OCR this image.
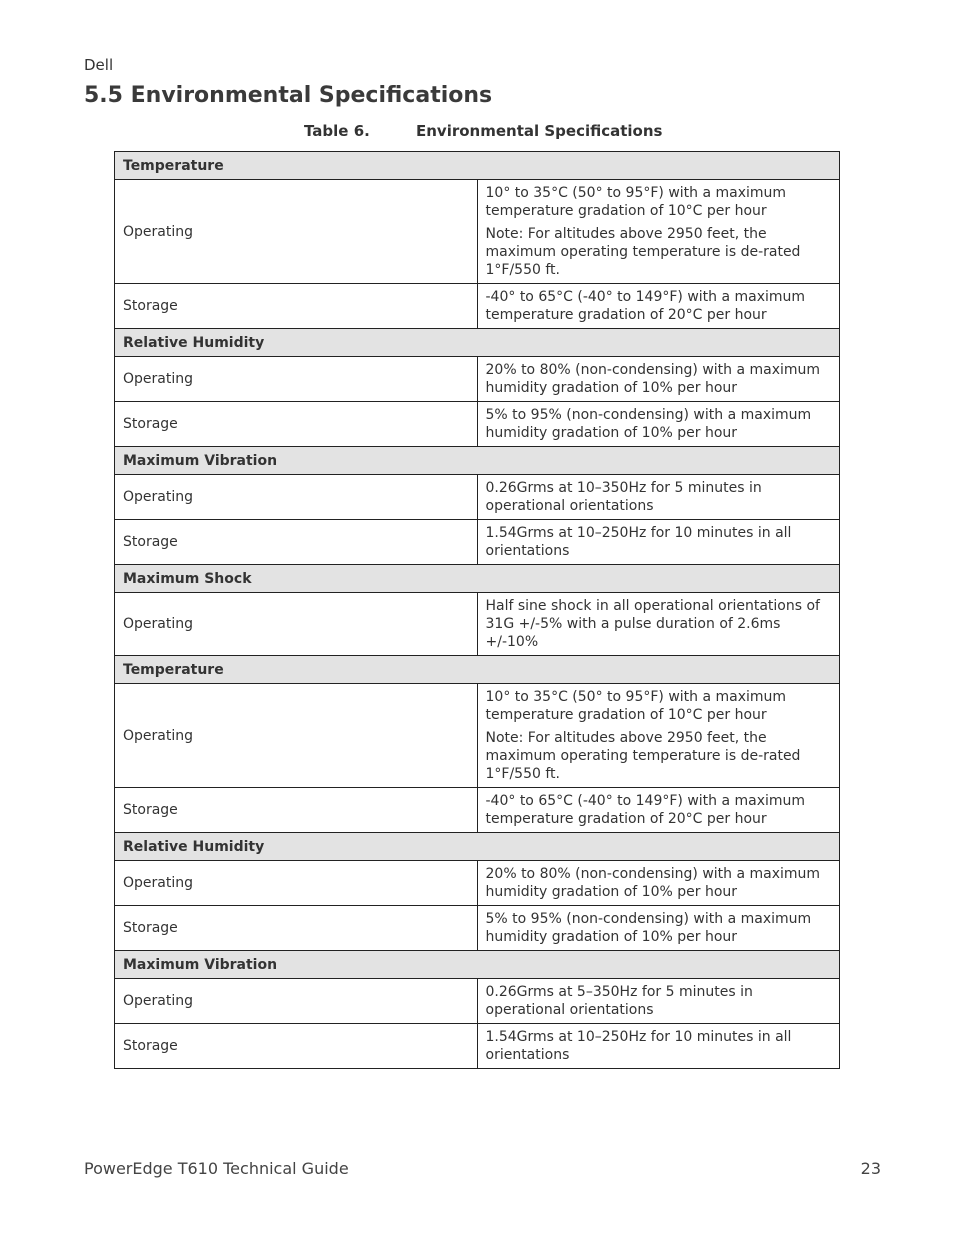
Dell
5.5 Environmental Specifications
Table 6.	Environmental Specifications
Temperature	
Operating	10° to 35°C (50° to 95°F) with a maximum temperature gradation of 10°C per hour

Note: For altitudes above 2950 feet, the maximum operating temperature is de-rated 1°F/550 ft.

Storage	-40° to 65°C (-40° to 149°F) with a maximum temperature gradation of 20°C per hour

Relative Humidity	
Operating	20% to 80% (non-condensing) with a maximum humidity gradation of 10% per hour

Storage	5% to 95% (non-condensing) with a maximum humidity gradation of 10% per hour

Maximum Vibration	
Operating	0.26Grms at 10–350Hz for 5 minutes in operational orientations

Storage	1.54Grms at 10–250Hz for 10 minutes in all orientations

Maximum Shock	
Operating	Half sine shock in all operational orientations of 31G +/-5% with a pulse duration of 2.6ms +/-10%

Temperature	
Operating	10° to 35°C (50° to 95°F) with a maximum temperature gradation of 10°C per hour

Note: For altitudes above 2950 feet, the maximum operating temperature is de-rated 1°F/550 ft.

Storage	-40° to 65°C (-40° to 149°F) with a maximum temperature gradation of 20°C per hour

Relative Humidity	
Operating	20% to 80% (non-condensing) with a maximum humidity gradation of 10% per hour

Storage	5% to 95% (non-condensing) with a maximum humidity gradation of 10% per hour

Maximum Vibration	
Operating	0.26Grms at 5–350Hz for 5 minutes in operational orientations

Storage	1.54Grms at 10–250Hz for 10 minutes in all orientations

PowerEdge T610 Technical Guide	23
